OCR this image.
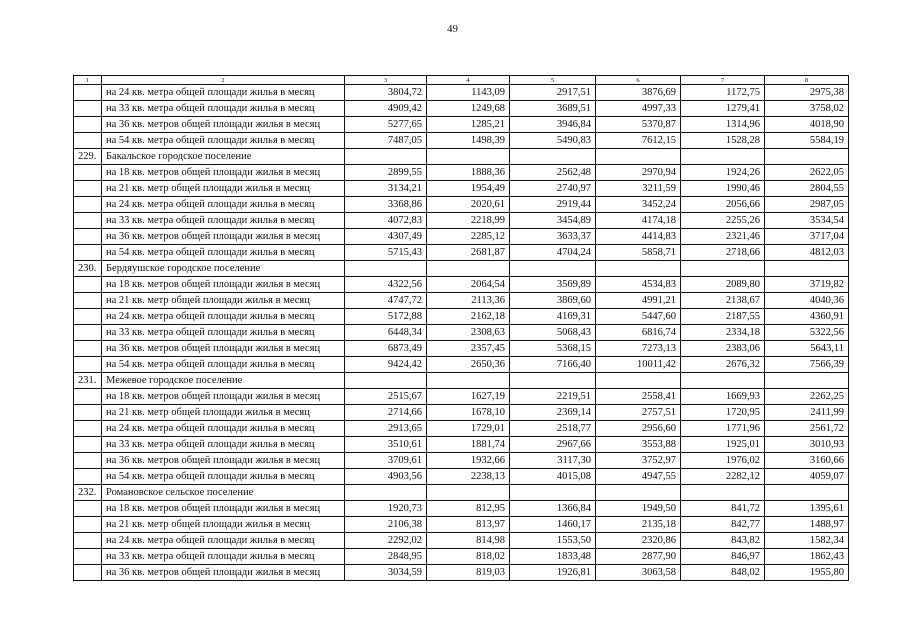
49
1	2	3	4	5	6	7	8
	на 24 кв. метра общей площади жилья в месяц	3804,72	1143,09	2917,51	3876,69	1172,75	2975,38
	на 33 кв. метра общей площади жилья в месяц	4909,42	1249,68	3689,51	4997,33	1279,41	3758,02
	на 36 кв. метров общей площади жилья в месяц	5277,65	1285,21	3946,84	5370,87	1314,96	4018,90
	на 54 кв. метра общей площади жилья в месяц	7487,05	1498,39	5490,83	7612,15	1528,28	5584,19
229.	Бакальское городское поселение						
	на 18 кв. метров общей площади жилья в месяц	2899,55	1888,36	2562,48	2970,94	1924,26	2622,05
	на 21 кв. метр общей площади жилья в месяц	3134,21	1954,49	2740,97	3211,59	1990,46	2804,55
	на 24 кв. метра общей площади жилья в месяц	3368,86	2020,61	2919,44	3452,24	2056,66	2987,05
	на 33 кв. метра общей площади жилья в месяц	4072,83	2218,99	3454,89	4174,18	2255,26	3534,54
	на 36 кв. метров общей площади жилья в месяц	4307,49	2285,12	3633,37	4414,83	2321,46	3717,04
	на 54 кв. метра общей площади жилья в месяц	5715,43	2681,87	4704,24	5858,71	2718,66	4812,03
230.	Бердяушское городское поселение						
	на 18 кв. метров общей площади жилья в месяц	4322,56	2064,54	3569,89	4534,83	2089,80	3719,82
	на 21 кв. метр общей площади жилья в месяц	4747,72	2113,36	3869,60	4991,21	2138,67	4040,36
	на 24 кв. метра общей площади жилья в месяц	5172,88	2162,18	4169,31	5447,60	2187,55	4360,91
	на 33 кв. метра общей площади жилья в месяц	6448,34	2308,63	5068,43	6816,74	2334,18	5322,56
	на 36 кв. метров общей площади жилья в месяц	6873,49	2357,45	5368,15	7273,13	2383,06	5643,11
	на 54 кв. метра общей площади жилья в месяц	9424,42	2650,36	7166,40	10011,42	2676,32	7566,39
231.	Межевое городское поселение						
	на 18 кв. метров общей площади жилья в месяц	2515,67	1627,19	2219,51	2558,41	1669,93	2262,25
	на 21 кв. метр общей площади жилья в месяц	2714,66	1678,10	2369,14	2757,51	1720,95	2411,99
	на 24 кв. метра общей площади жилья в месяц	2913,65	1729,01	2518,77	2956,60	1771,96	2561,72
	на 33 кв. метра общей площади жилья в месяц	3510,61	1881,74	2967,66	3553,88	1925,01	3010,93
	на 36 кв. метров общей площади жилья в месяц	3709,61	1932,66	3117,30	3752,97	1976,02	3160,66
	на 54 кв. метра общей площади жилья в месяц	4903,56	2238,13	4015,08	4947,55	2282,12	4059,07
232.	Романовское сельское поселение						
	на 18 кв. метров общей площади жилья в месяц	1920,73	812,95	1366,84	1949,50	841,72	1395,61
	на 21 кв. метр общей площади жилья в месяц	2106,38	813,97	1460,17	2135,18	842,77	1488,97
	на 24 кв. метра общей площади жилья в месяц	2292,02	814,98	1553,50	2320,86	843,82	1582,34
	на 33 кв. метра общей площади жилья в месяц	2848,95	818,02	1833,48	2877,90	846,97	1862,43
	на 36 кв. метров общей площади жилья в месяц	3034,59	819,03	1926,81	3063,58	848,02	1955,80
